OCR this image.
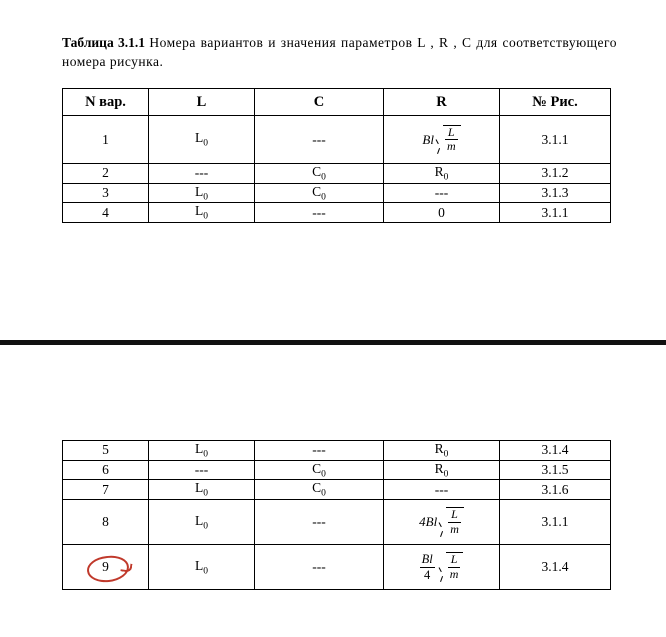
Таблица 3.1.1 Номера вариантов и значения параметров L , R , C для соответствующего номера рисунка.
N вар.	L	C	R	№ Рис.
1	$L_0$	---	Bl $\frac{L}{m}$	3.1.1
2	---	$C_0$	$R_0$	3.1.2
3	$L_0$	$C_0$	---	3.1.3
4	$L_0$	---	0	3.1.1
5	$L_0$	---	$R_0$	3.1.4
6	---	$C_0$	$R_0$	3.1.5
7	$L_0$	$C_0$	---	3.1.6
8	$L_0$	---	$4Bl \frac{L}{m}$	3.1.1
9	$L_0$	---	$\frac{Bl}{4} \frac{L}{m}$	3.1.4
